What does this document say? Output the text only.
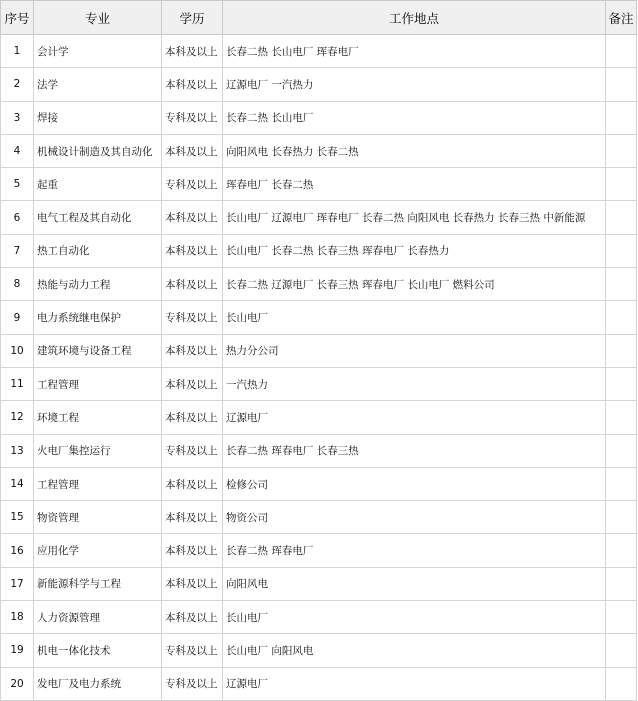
序号	专业	学历	工作地点	备注
1	会计学	本科及以上	长春二热 长山电厂 珲春电厂	
2	法学	本科及以上	辽源电厂 一汽热力	
3	焊接	专科及以上	长春二热 长山电厂	
4	机械设计制造及其自动化	本科及以上	向阳风电 长春热力 长春二热	
5	起重	专科及以上	珲春电厂 长春二热	
6	电气工程及其自动化	本科及以上	长山电厂 辽源电厂 珲春电厂 长春二热 向阳风电 长春热力 长春三热 中新能源	
7	热工自动化	本科及以上	长山电厂 长春二热 长春三热 珲春电厂 长春热力	
8	热能与动力工程	本科及以上	长春二热 辽源电厂 长春三热 珲春电厂 长山电厂 燃料公司	
9	电力系统继电保护	专科及以上	长山电厂	
10	建筑环境与设备工程	本科及以上	热力分公司	
11	工程管理	本科及以上	一汽热力	
12	环境工程	本科及以上	辽源电厂	
13	火电厂集控运行	专科及以上	长春二热 珲春电厂 长春三热	
14	工程管理	本科及以上	检修公司	
15	物资管理	本科及以上	物资公司	
16	应用化学	本科及以上	长春二热 珲春电厂	
17	新能源科学与工程	本科及以上	向阳风电	
18	人力资源管理	本科及以上	长山电厂	
19	机电一体化技术	专科及以上	长山电厂 向阳风电	
20	发电厂及电力系统	专科及以上	辽源电厂	
